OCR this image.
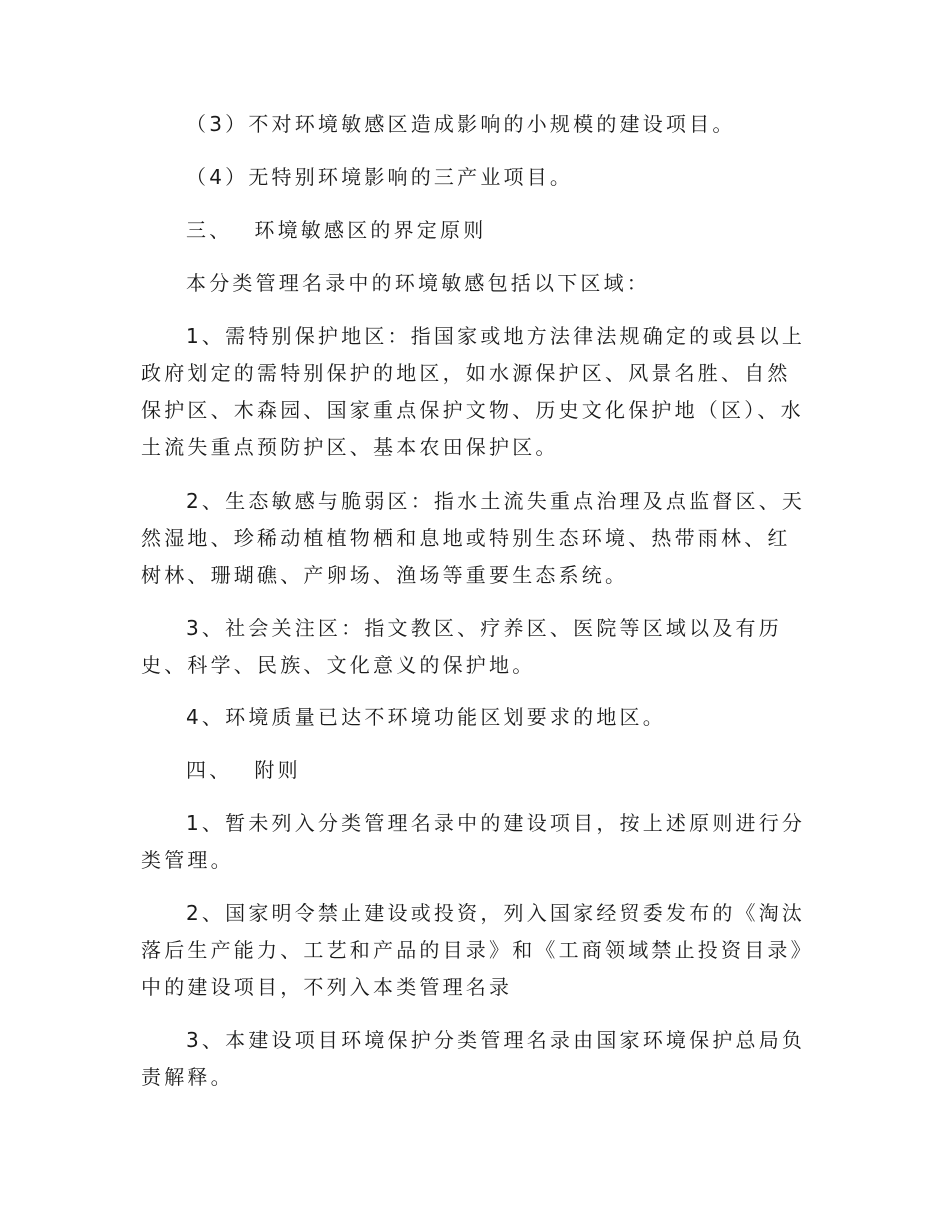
（3）不对环境敏感区造成影响的小规模的建设项目。

（4）无特别环境影响的三产业项目。

三、 环境敏感区的界定原则

本分类管理名录中的环境敏感包括以下区域：

1、需特别保护地区：指国家或地方法律法规确定的或县以上政府划定的需特别保护的地区，如水源保护区、风景名胜、自然保护区、木森园、国家重点保护文物、历史文化保护地（区）、水土流失重点预防护区、基本农田保护区。

2、生态敏感与脆弱区：指水土流失重点治理及点监督区、天然湿地、珍稀动植植物栖和息地或特别生态环境、热带雨林、红树林、珊瑚礁、产卵场、渔场等重要生态系统。

3、社会关注区：指文教区、疗养区、医院等区域以及有历史、科学、民族、文化意义的保护地。

4、环境质量已达不环境功能区划要求的地区。

四、 附则

1、暂未列入分类管理名录中的建设项目，按上述原则进行分类管理。

2、国家明令禁止建设或投资，列入国家经贸委发布的《淘汰落后生产能力、工艺和产品的目录》和《工商领域禁止投资目录》中的建设项目，不列入本类管理名录

3、本建设项目环境保护分类管理名录由国家环境保护总局负责解释。
